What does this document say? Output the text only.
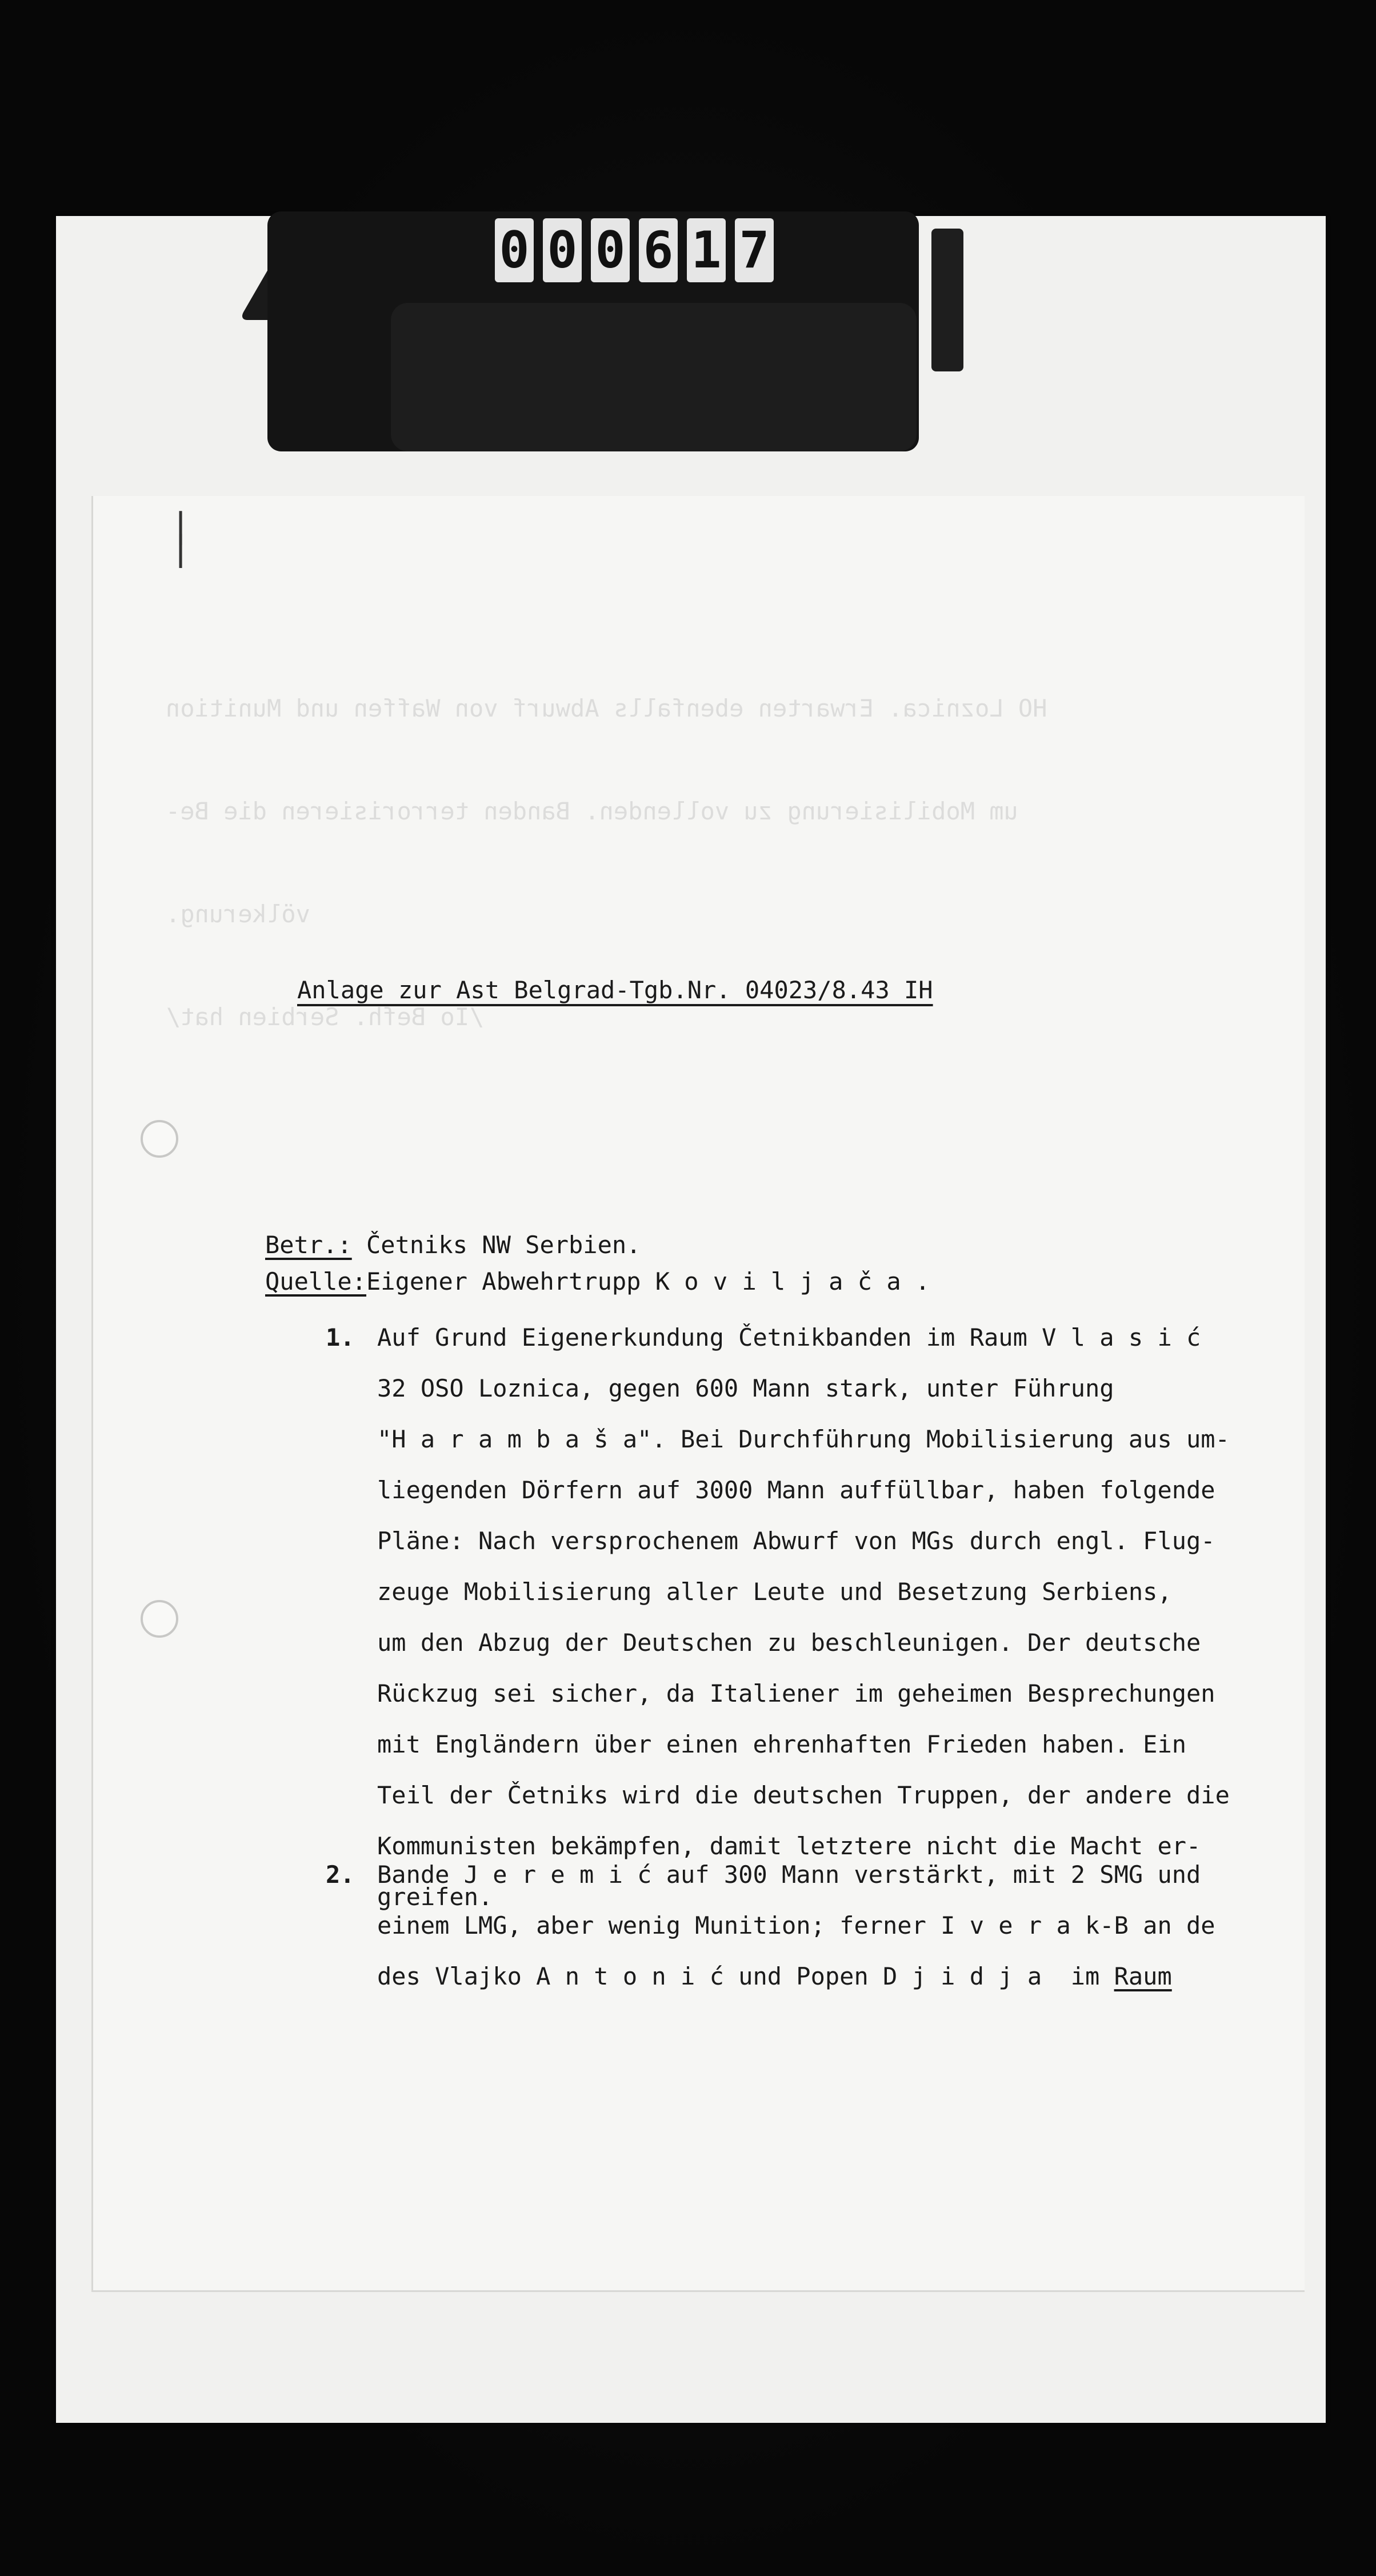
0 0 0 6 1 7
| |

HO Loznica. Erwarten ebenfalls Abwurf von Waffen und Munition

um Mobilisierung zu vollenden. Banden terrorisieren die Be-

völkerung.

/Io Befh. Serbien hat/

Anlage zur Ast Belgrad-Tgb.Nr. 04023/8.43 IH
Betr.: Četniks NW Serbien.
Quelle:Eigener Abwehrtrupp K o v i l j a č a .
1. Auf Grund Eigenerkundung Četnikbanden im Raum V l a s i ć
32 OSO Loznica, gegen 600 Mann stark, unter Führung
"H a r a m b a š a". Bei Durchführung Mobilisierung aus um-
liegenden Dörfern auf 3000 Mann auffüllbar, haben folgende
Pläne: Nach versprochenem Abwurf von MGs durch engl. Flug-
zeuge Mobilisierung aller Leute und Besetzung Serbiens,
um den Abzug der Deutschen zu beschleunigen. Der deutsche
Rückzug sei sicher, da Italiener im geheimen Besprechungen
mit Engländern über einen ehrenhaften Frieden haben. Ein
Teil der Četniks wird die deutschen Truppen, der andere die
Kommunisten bekämpfen, damit letztere nicht die Macht er-
greifen.
2. Bande J e r e m i ć auf 300 Mann verstärkt, mit 2 SMG und
einem LMG, aber wenig Munition; ferner I v e r a k-B an de
des Vlajko A n t o n i ć und Popen D j i d j a  im Raum
